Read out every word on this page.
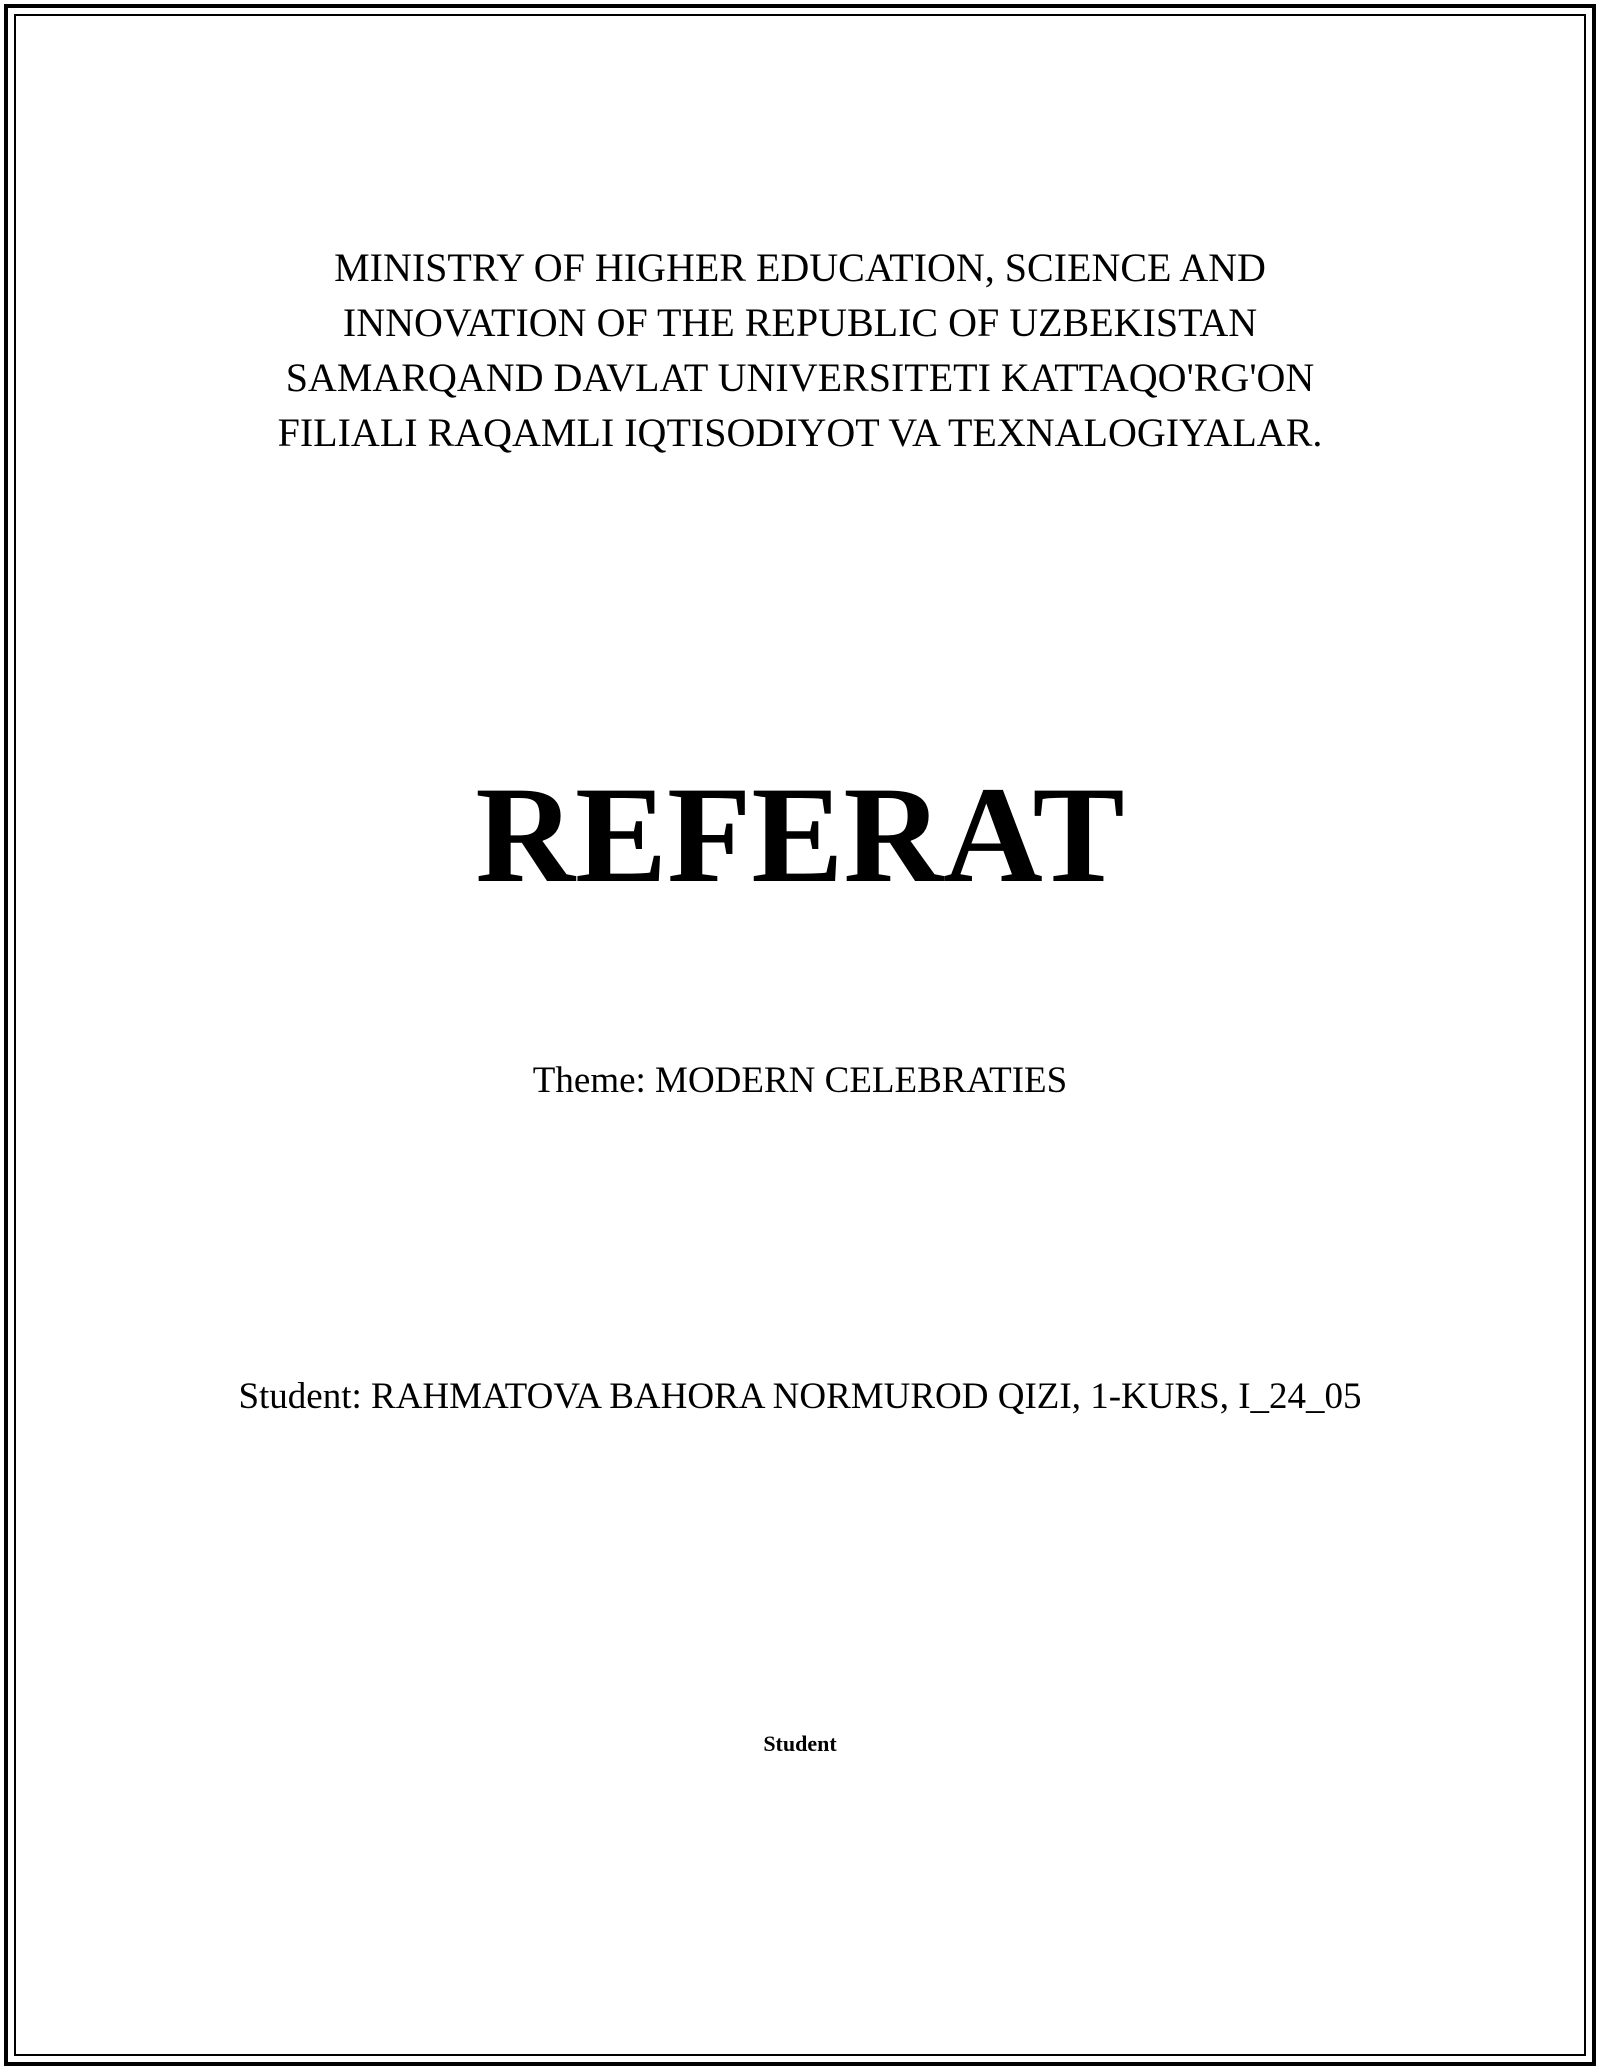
MINISTRY OF HIGHER EDUCATION, SCIENCE AND
INNOVATION OF THE REPUBLIC OF UZBEKISTAN
SAMARQAND DAVLAT UNIVERSITETI KATTAQO'RG'ON
FILIALI RAQAMLI IQTISODIYOT VA TEXNALOGIYALAR.
REFERAT
Theme: MODERN CELEBRATIES
Student: RAHMATOVA BAHORA NORMUROD QIZI, 1-KURS, I_24_05
Student
